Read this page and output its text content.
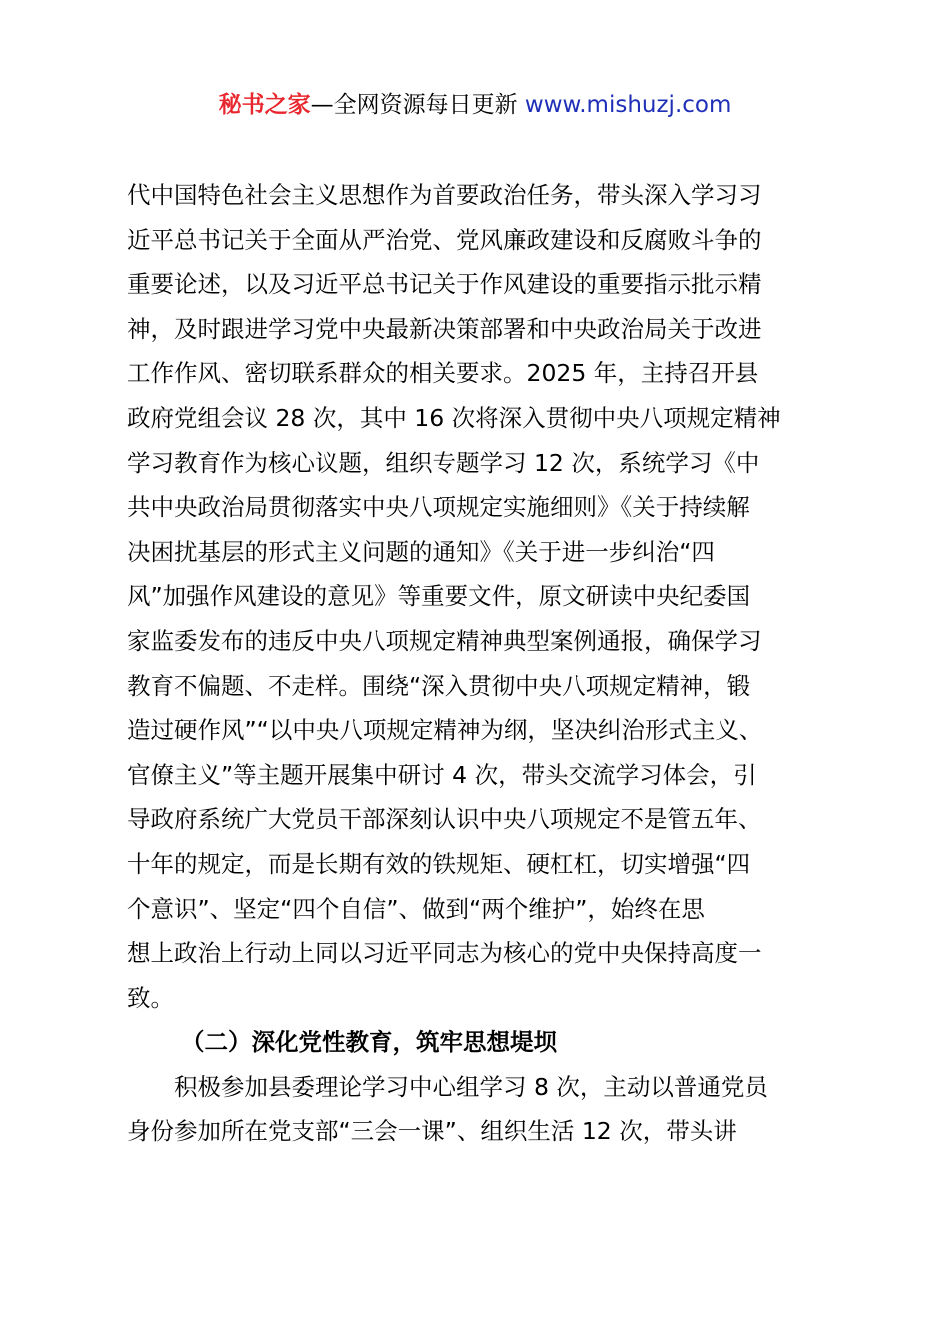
秘书之家—全网资源每日更新 www.mishuzj.com
代中国特色社会主义思想作为首要政治任务，带头深入学习习
近平总书记关于全面从严治党、党风廉政建设和反腐败斗争的
重要论述，以及习近平总书记关于作风建设的重要指示批示精
神，及时跟进学习党中央最新决策部署和中央政治局关于改进
工作作风、密切联系群众的相关要求。2025 年，主持召开县
政府党组会议 28 次，其中 16 次将深入贯彻中央八项规定精神
学习教育作为核心议题，组织专题学习 12 次，系统学习《中
共中央政治局贯彻落实中央八项规定实施细则》《关于持续解
决困扰基层的形式主义问题的通知》《关于进一步纠治“四
风”加强作风建设的意见》等重要文件，原文研读中央纪委国
家监委发布的违反中央八项规定精神典型案例通报，确保学习
教育不偏题、不走样。围绕“深入贯彻中央八项规定精神，锻
造过硬作风”“以中央八项规定精神为纲，坚决纠治形式主义、
官僚主义”等主题开展集中研讨 4 次，带头交流学习体会，引
导政府系统广大党员干部深刻认识中央八项规定不是管五年、
十年的规定，而是长期有效的铁规矩、硬杠杠，切实增强“四
个意识”、坚定“四个自信”、做到“两个维护”，始终在思
想上政治上行动上同以习近平同志为核心的党中央保持高度一
致。
（二）深化党性教育，筑牢思想堤坝
积极参加县委理论学习中心组学习 8 次，主动以普通党员
身份参加所在党支部“三会一课”、组织生活 12 次，带头讲
